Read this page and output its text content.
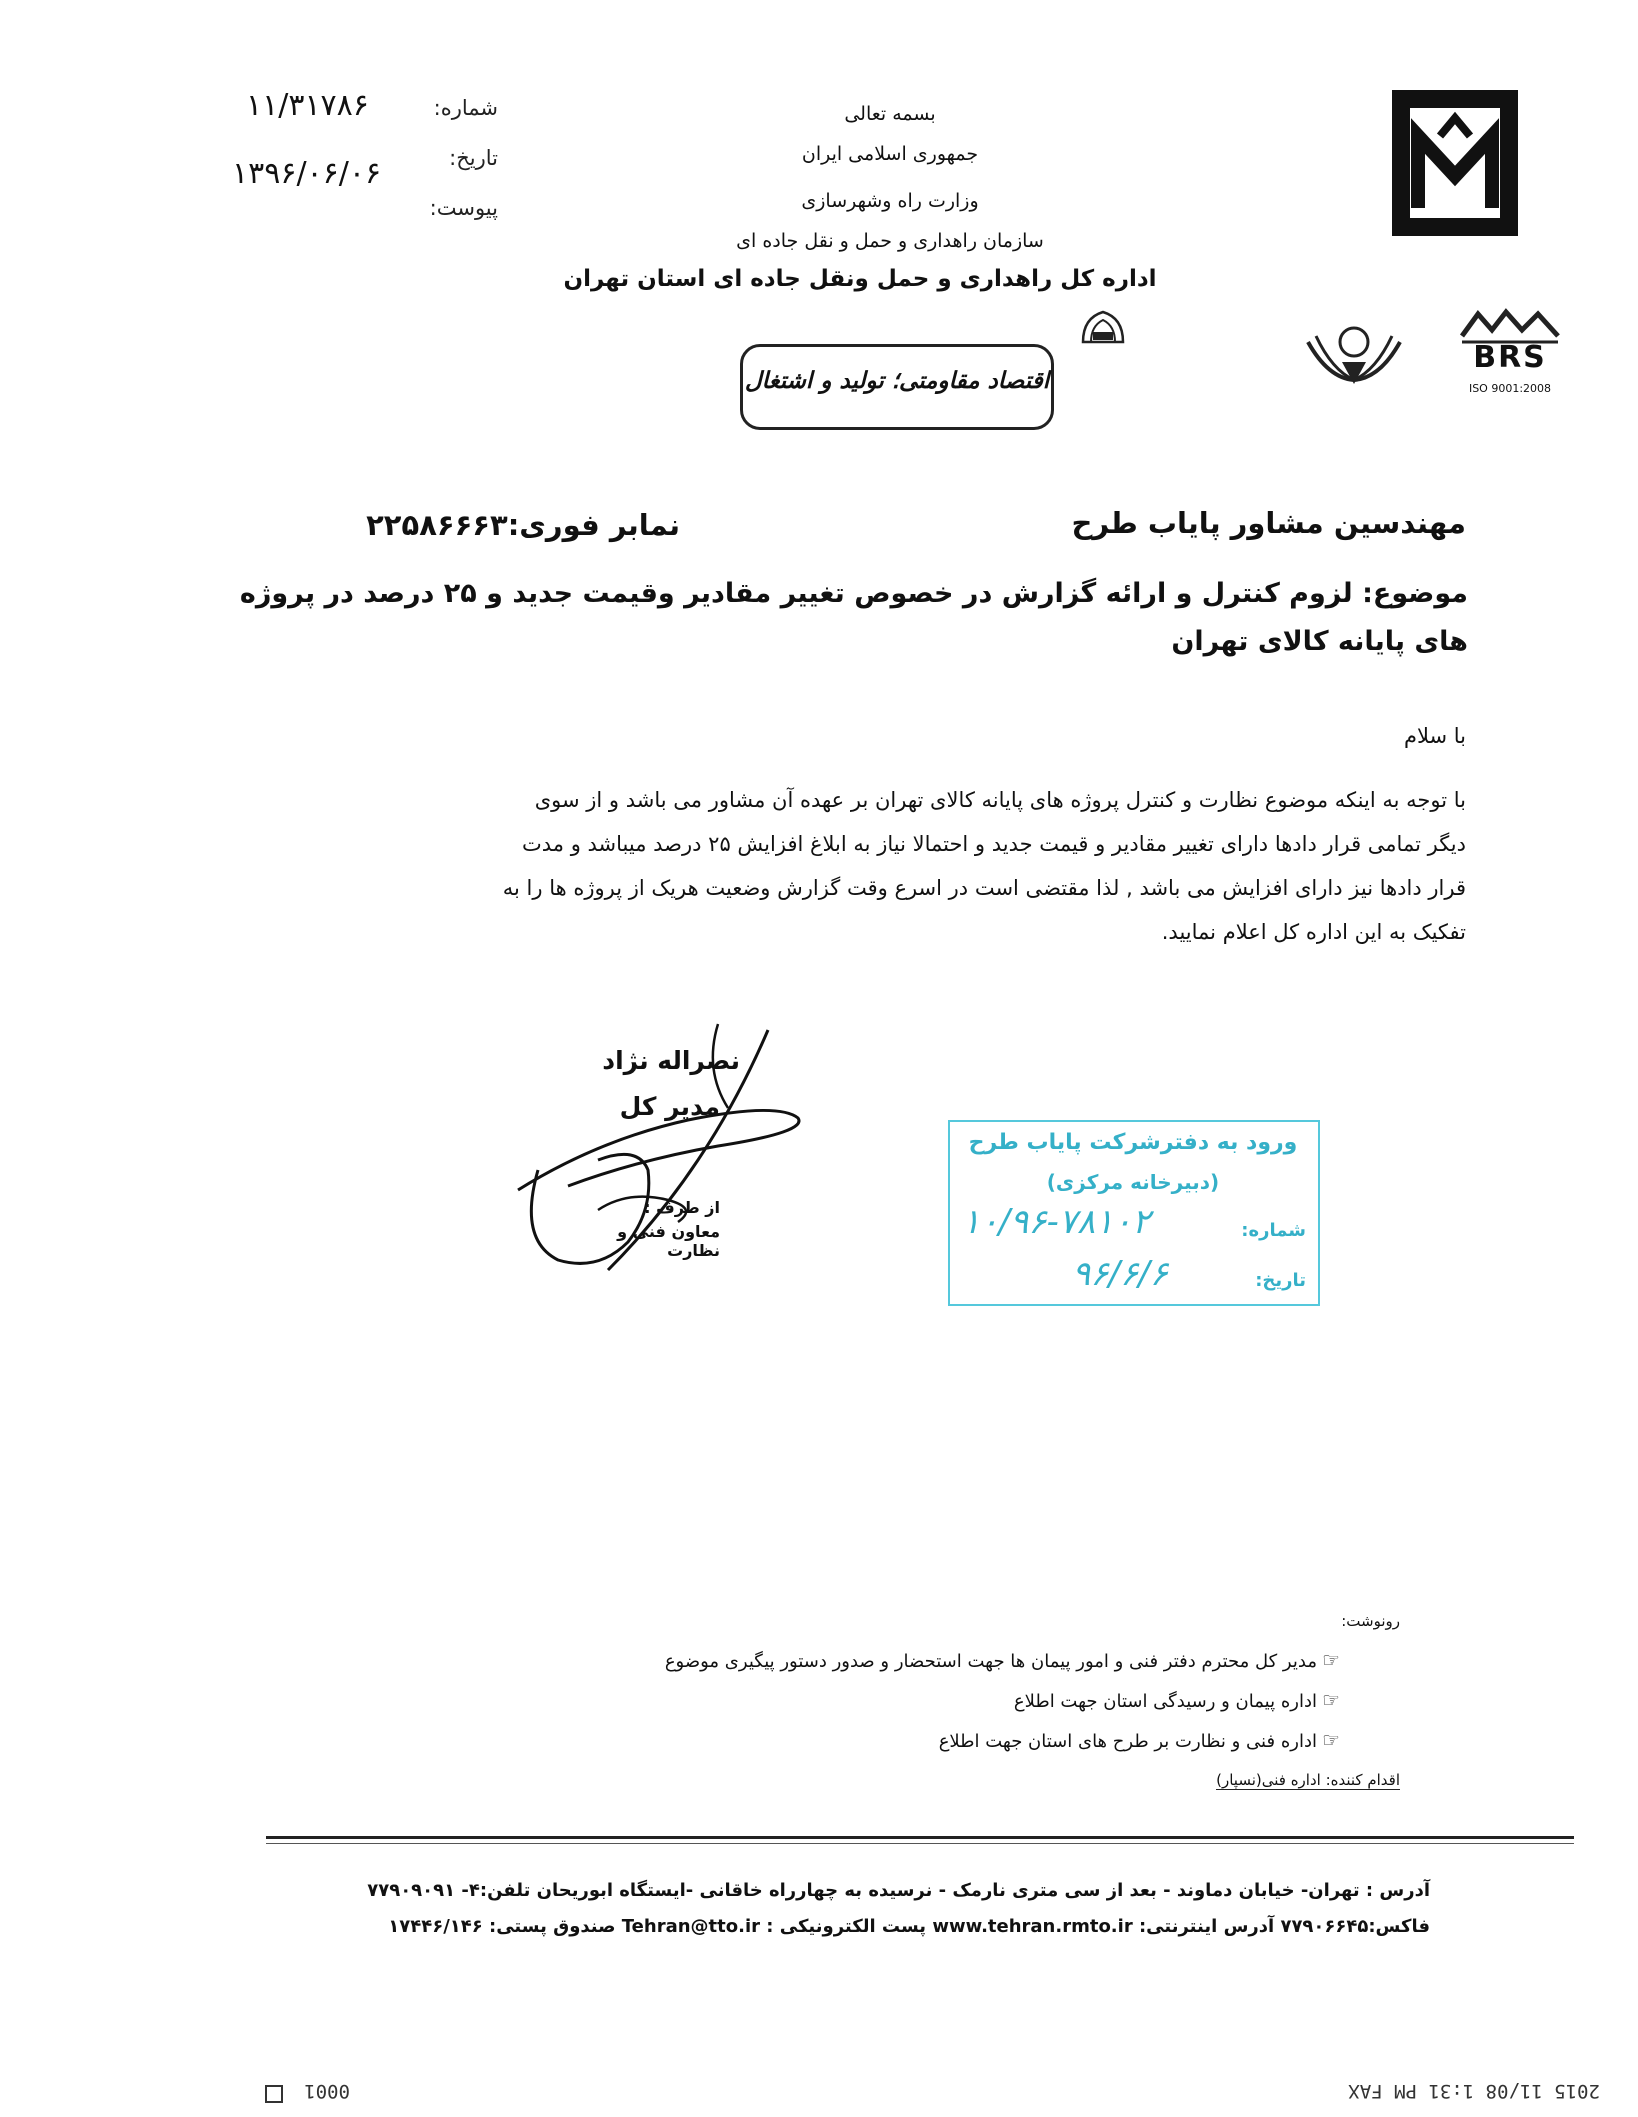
شماره:
۱۱/۳۱۷۸۶
تاریخ:
۱۳۹۶/۰۶/۰۶
پیوست:
بسمه تعالی
جمهوری اسلامی ایران
وزارت راه وشهرسازی
سازمان راهداری و حمل و نقل جاده ای
اداره کل راهداری و حمل ونقل جاده ای استان تهران
اقتصاد مقاومتی؛ تولید و اشتغال
BRS
ISO 9001:2008
مهندسین مشاور پایاب طرح
نمابر فوری:۲۲۵۸۶۶۶۳
موضوع: لزوم کنترل و ارائه گزارش در خصوص تغییر مقادیر وقیمت جدید و ۲۵ درصد در پروژه
های پایانه کالای تهران
با سلام
با توجه به اینکه موضوع نظارت و کنترل پروژه های پایانه کالای تهران بر عهده آن مشاور می باشد و از سوی
دیگر تمامی قرار دادها دارای تغییر مقادیر و قیمت جدید و احتمالا نیاز به ابلاغ افزایش ۲۵ درصد میباشد و مدت
قرار دادها نیز دارای افزایش می باشد , لذا مقتضی است در اسرع وقت گزارش وضعیت هریک از پروژه ها را به
تفکیک به این اداره کل اعلام نمایید.
نصراله نژاد
مدیر کل
از طرف :
معاون فنی و نظارت
ورود به دفترشرکت پایاب طرح
(دبیرخانه مرکزی)
شماره:
۱۰/۹۶-۷۸۱۰۲
تاریخ:
۹۶/۶/۶
رونوشت:
☞ مدیر کل محترم دفتر فنی و امور پیمان ها جهت استحضار و صدور دستور پیگیری موضوع
☞ اداره پیمان و رسیدگی استان جهت اطلاع
☞ اداره فنی و نظارت بر طرح های استان جهت اطلاع
اقدام کننده: اداره فنی(نسپار)
آدرس : تهران- خیابان دماوند - بعد از سی متری نارمک - نرسیده به چهارراه خاقانی -ایستگاه ابوریحان تلفن:۴- ۷۷۹۰۹۰۹۱
فاکس:۷۷۹۰۶۶۴۵ آدرس اینترنتی: www.tehran.rmto.ir پست الکترونیکی : Tehran@tto.ir صندوق پستی: ۱۷۴۴۶/۱۴۶
2015 11/08 1:31 PM FAX
0001
